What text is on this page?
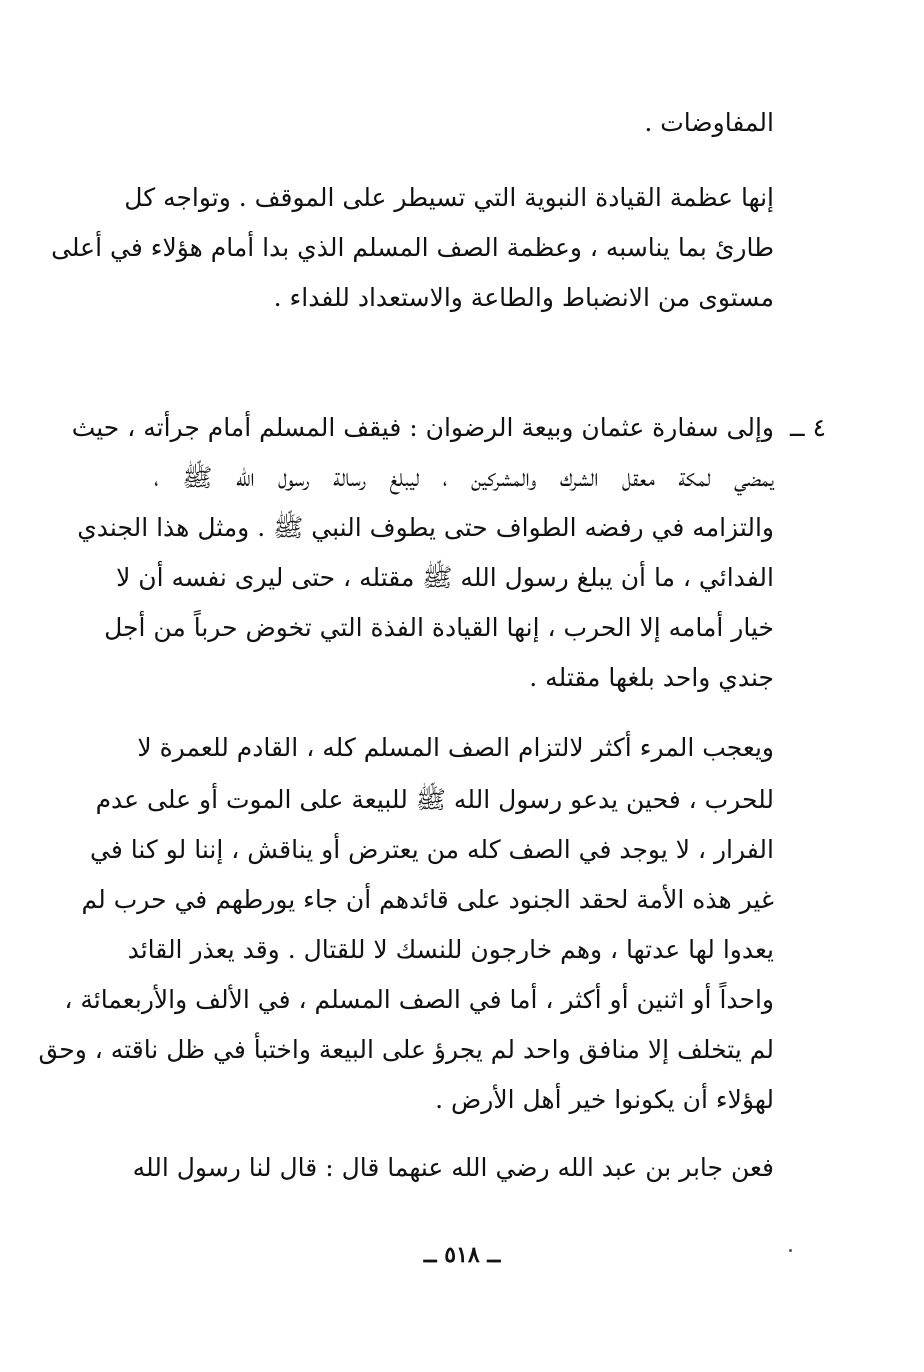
المفاوضات .
إنها عظمة القيادة النبوية التي تسيطر على الموقف . وتواجه كل
طارئ بما يناسبه ، وعظمة الصف المسلم الذي بدا أمام هؤلاء في أعلى
مستوى من الانضباط والطاعة والاستعداد للفداء .
٤ ــ
وإلى سفارة عثمان وبيعة الرضوان : فيقف المسلم أمام جرأته ، حيث
يمضي لمكة معقل الشرك والمشركين ، ليبلغ رسالة رسول الله ﷺ ،
والتزامه في رفضه الطواف حتى يطوف النبي ﷺ . ومثل هذا الجندي
الفدائي ، ما أن يبلغ رسول الله ﷺ مقتله ، حتى ليرى نفسه أن لا
خيار أمامه إلا الحرب ، إنها القيادة الفذة التي تخوض حرباً من أجل
جندي واحد بلغها مقتله .
ويعجب المرء أكثر لالتزام الصف المسلم كله ، القادم للعمرة لا
للحرب ، فحين يدعو رسول الله ﷺ للبيعة على الموت أو على عدم
الفرار ، لا يوجد في الصف كله من يعترض أو يناقش ، إننا لو كنا في
غير هذه الأمة لحقد الجنود على قائدهم أن جاء يورطهم في حرب لم
يعدوا لها عدتها ، وهم خارجون للنسك لا للقتال . وقد يعذر القائد
واحداً أو اثنين أو أكثر ، أما في الصف المسلم ، في الألف والأربعمائة ،
لم يتخلف إلا منافق واحد لم يجرؤ على البيعة واختبأ في ظل ناقته ، وحق
لهؤلاء أن يكونوا خير أهل الأرض .
فعن جابر بن عبد الله رضي الله عنهما قال : قال لنا رسول الله
ــ ٥١٨ ــ
